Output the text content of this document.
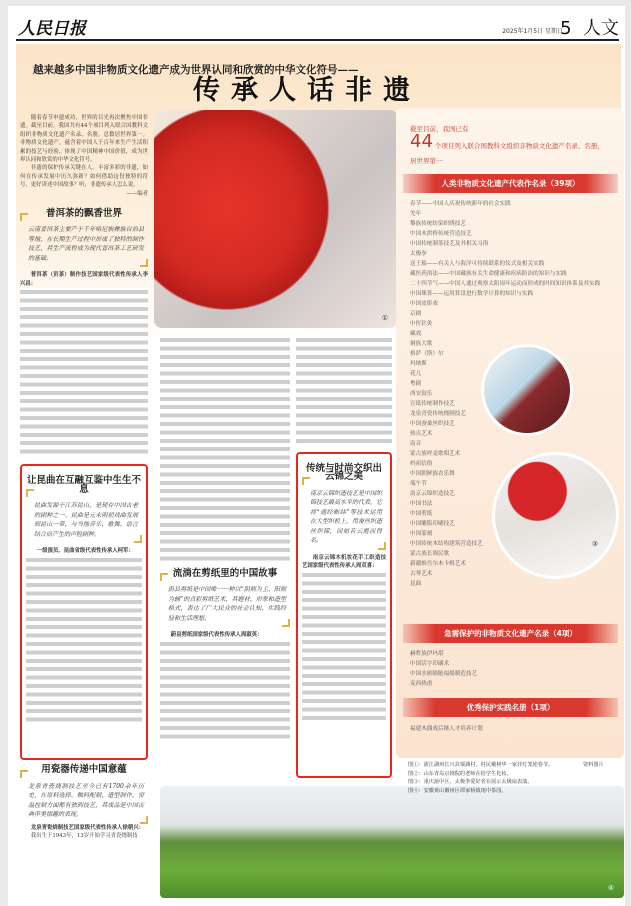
人民日报	2025年1月5日 星期日
5 人文
越来越多中国非物质文化遗产成为世界认同和欣赏的中华文化符号——
①
传承人话非遗

随着春节申遗成功，世界的目光再次聚焦中国非遗。截至目前，我国共有44个项目列入联合国教科文组织非物质文化遗产名录、名册，总数居世界第一。非物质文化遗产，蕴含着中国人千百年来生产生活积累的技艺与经验，体现了中国精神中国价值，成为世界认同和欣赏的中华文化符号。

非遗的保护传承关键在人。丰富多彩的非遗，如何在传承发展中历久弥新？如何借助这份独特的符号，更好讲述中国故事？听，非遗传承人怎么说。

——编者
普洱茶的飘香世界
云南普洱茶主要产于千年哈尼族彝族自治县等地，在长期生产过程中形成了独特的制作技艺，其生产流程成为现代普洱茶工艺研发的基础。

普洱茶（贡茶）制作技艺国家级代表性传承人李兴昌：

让昆曲在互融互鉴中生生不息
昆曲发源于江苏昆山，是现存中国古老的剧种之一。昆曲是元末明初戏曲发展到昆山一带，与当地音乐、歌舞、语言结合而产生的声腔剧种。

一级演员、昆曲省级代表性传承人柯军：

用瓷器传递中国意蕴
龙泉青瓷烧制技艺至今已有1700余年历史，在原料选择、釉料配制、造型制作、窑温控制方面都有独到技艺，其成品是中国古典审美情趣的表现。

龙泉青瓷烧制技艺国家级代表性传承人徐朝兴：

我出生于1943年，13岁开始学习青瓷烧制技

流淌在剪纸里的中国故事
蔚县剪纸是中国唯一一种以“阴刻为主、阳刻为辅”的点彩剪纸艺术，其题材、形象和造型格式，表达了广大民众的社会认知、实践经验和生活理想。

蔚县剪纸国家级代表性传承人周淑英：

传统与时尚交织出云锦之美
南京云锦织造技艺是中国织锦技艺最高水平的代表，它将“通经断纬”等技术运用在大型织机上，用蚕丝织造丝织锦，因如若云霞而得名。

南京云锦木机妆花手工织造技艺国家级代表性传承人周双喜：

截至目前，我国已有
44 个项目列入联合国教科文组织非物质文化遗产名录、名册，
居世界第一
人类非物质文化遗产代表作名录（39项）
③
春节——中国人庆祝传统新年的社会实践
羌年
黎族传统纺染织绣技艺
中国木拱桥传统营造技艺
中国传统制茶技艺及其相关习俗
太极拳
送王船——有关人与海洋可持续联系的仪式及相关实践
藏医药浴法——中国藏族有关生命健康和疾病防治的知识与实践
二十四节气——中国人通过观察太阳周年运动而形成的时间知识体系及其实践
中国珠算——运用算盘进行数学计算的知识与实践
中国皮影戏
京剧
中医针灸
藏戏
侗族大歌
格萨（斯）尔
玛纳斯
花儿
粤剧
西安鼓乐
宣纸传统制作技艺
龙泉青瓷传统烧制技艺
中国蚕桑丝织技艺
热贡艺术
南音
蒙古族呼麦歌唱艺术
妈祖信俗
中国朝鲜族农乐舞
端午节
南京云锦织造技艺
中国书法
中国剪纸
中国雕版印刷技艺
中国篆刻
中国传统木结构建筑营造技艺
蒙古族长调民歌
新疆维吾尔木卡姆艺术
古琴艺术
昆曲
急需保护的非物质文化遗产名录（4项）
赫哲族伊玛堪
中国活字印刷术
中国水密隔舱福船制造技艺
麦西热甫
优秀保护实践名册（1项）
福建木偶戏后继人才培养计划
④
图①：浙江湖州长兴县粟湖村，村民戴树华一家挂灯笼迎春节。
图②：山东青岛京剧院的老师在给学生化妆。
图③：重庆渝中区，太极拳爱好者在展示太极扇表演。
图④：安徽黄山徽州区谭家桥镇雨中茶园。
资料图片
